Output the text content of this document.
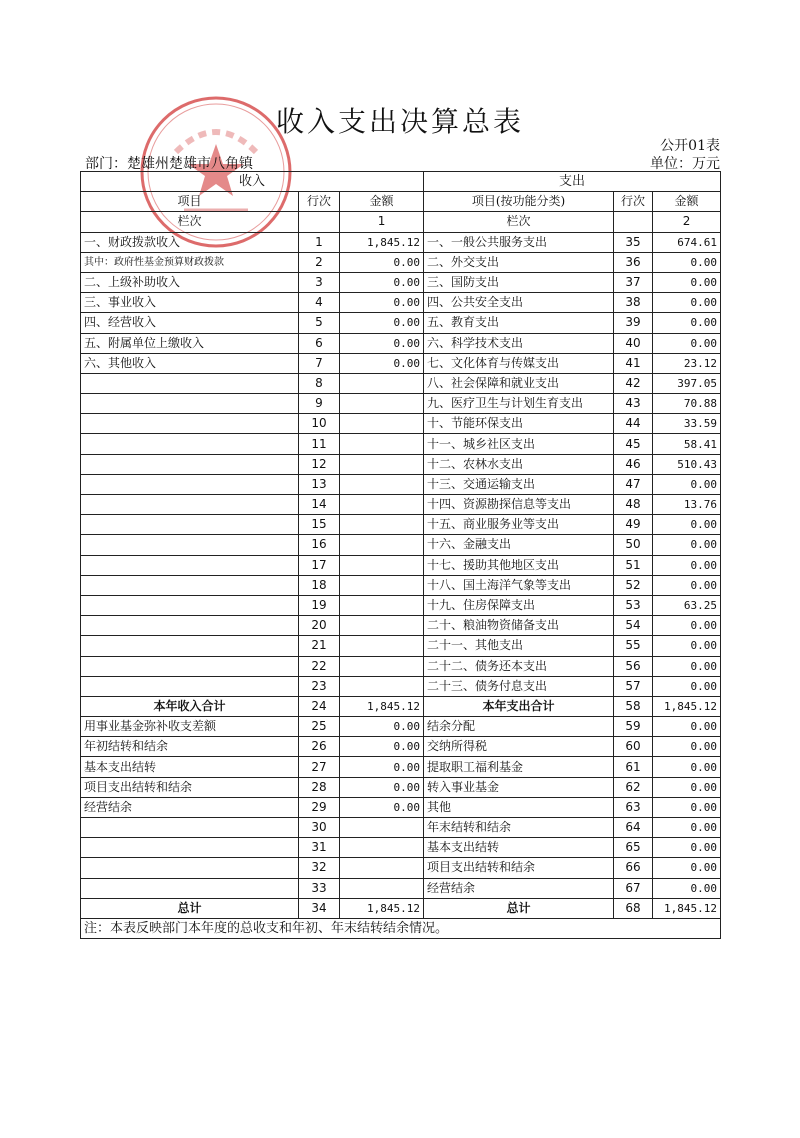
收入支出决算总表
公开01表
部门：楚雄州楚雄市八角镇	单位：万元
收入			支出		
项目	行次	金额	项目(按功能分类)	行次	金额
栏次		1	栏次		2
一、财政拨款收入	1	1,845.12	一、一般公共服务支出	35	674.61
其中：政府性基金预算财政拨款	2	0.00	二、外交支出	36	0.00
二、上级补助收入	3	0.00	三、国防支出	37	0.00
三、事业收入	4	0.00	四、公共安全支出	38	0.00
四、经营收入	5	0.00	五、教育支出	39	0.00
五、附属单位上缴收入	6	0.00	六、科学技术支出	40	0.00
六、其他收入	7	0.00	七、文化体育与传媒支出	41	23.12
	8		八、社会保障和就业支出	42	397.05
	9		九、医疗卫生与计划生育支出	43	70.88
	10		十、节能环保支出	44	33.59
	11		十一、城乡社区支出	45	58.41
	12		十二、农林水支出	46	510.43
	13		十三、交通运输支出	47	0.00
	14		十四、资源勘探信息等支出	48	13.76
	15		十五、商业服务业等支出	49	0.00
	16		十六、金融支出	50	0.00
	17		十七、援助其他地区支出	51	0.00
	18		十八、国土海洋气象等支出	52	0.00
	19		十九、住房保障支出	53	63.25
	20		二十、粮油物资储备支出	54	0.00
	21		二十一、其他支出	55	0.00
	22		二十二、债务还本支出	56	0.00
	23		二十三、债务付息支出	57	0.00
本年收入合计	24	1,845.12	本年支出合计	58	1,845.12
用事业基金弥补收支差额	25	0.00	结余分配	59	0.00
年初结转和结余	26	0.00	交纳所得税	60	0.00
基本支出结转	27	0.00	提取职工福利基金	61	0.00
项目支出结转和结余	28	0.00	转入事业基金	62	0.00
经营结余	29	0.00	其他	63	0.00
	30		年末结转和结余	64	0.00
	31		基本支出结转	65	0.00
	32		项目支出结转和结余	66	0.00
	33		经营结余	67	0.00
总计	34	1,845.12	总计	68	1,845.12
注：本表反映部门本年度的总收支和年初、年末结转结余情况。					
